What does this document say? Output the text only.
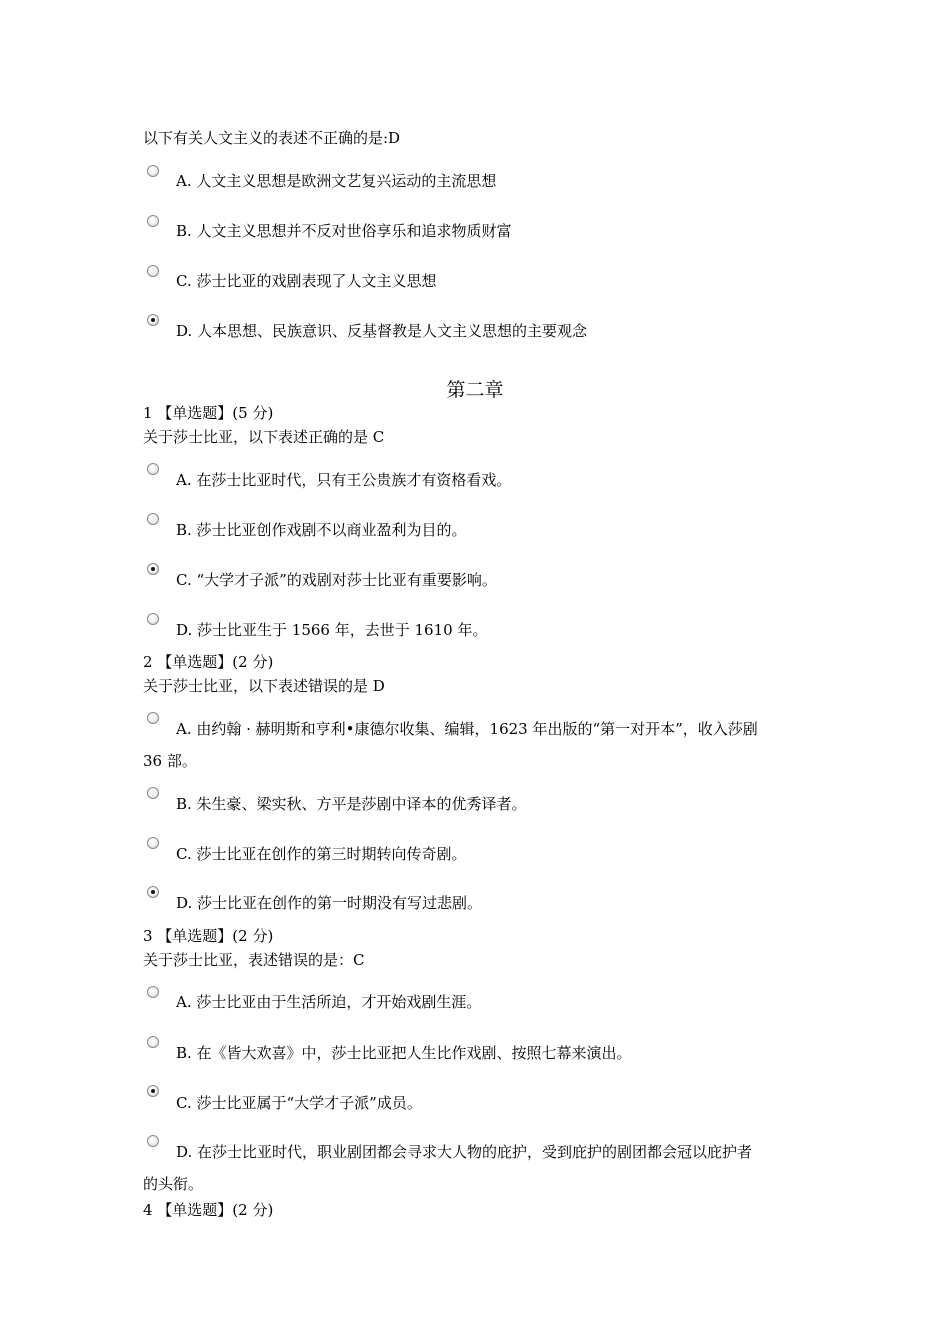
以下有关人文主义的表述不正确的是:D
A. 人文主义思想是欧洲文艺复兴运动的主流思想
B. 人文主义思想并不反对世俗享乐和追求物质财富
C. 莎士比亚的戏剧表现了人文主义思想
D. 人本思想、民族意识、反基督教是人文主义思想的主要观念
第二章
1 【单选题】(5 分)
关于莎士比亚，以下表述正确的是 C
A. 在莎士比亚时代，只有王公贵族才有资格看戏。
B. 莎士比亚创作戏剧不以商业盈利为目的。
C. “大学才子派”的戏剧对莎士比亚有重要影响。
D. 莎士比亚生于 1566 年，去世于 1610 年。
2 【单选题】(2 分)
关于莎士比亚，以下表述错误的是 D
A. 由约翰 · 赫明斯和亨利•康德尔收集、编辑，1623 年出版的“第一对开本”，收入莎剧
36 部。
B. 朱生豪、梁实秋、方平是莎剧中译本的优秀译者。
C. 莎士比亚在创作的第三时期转向传奇剧。
D. 莎士比亚在创作的第一时期没有写过悲剧。
3 【单选题】(2 分)
关于莎士比亚，表述错误的是：C
A. 莎士比亚由于生活所迫，才开始戏剧生涯。
B. 在《皆大欢喜》中，莎士比亚把人生比作戏剧、按照七幕来演出。
C. 莎士比亚属于“大学才子派”成员。
D. 在莎士比亚时代，职业剧团都会寻求大人物的庇护，受到庇护的剧团都会冠以庇护者
的头衔。
4 【单选题】(2 分)
